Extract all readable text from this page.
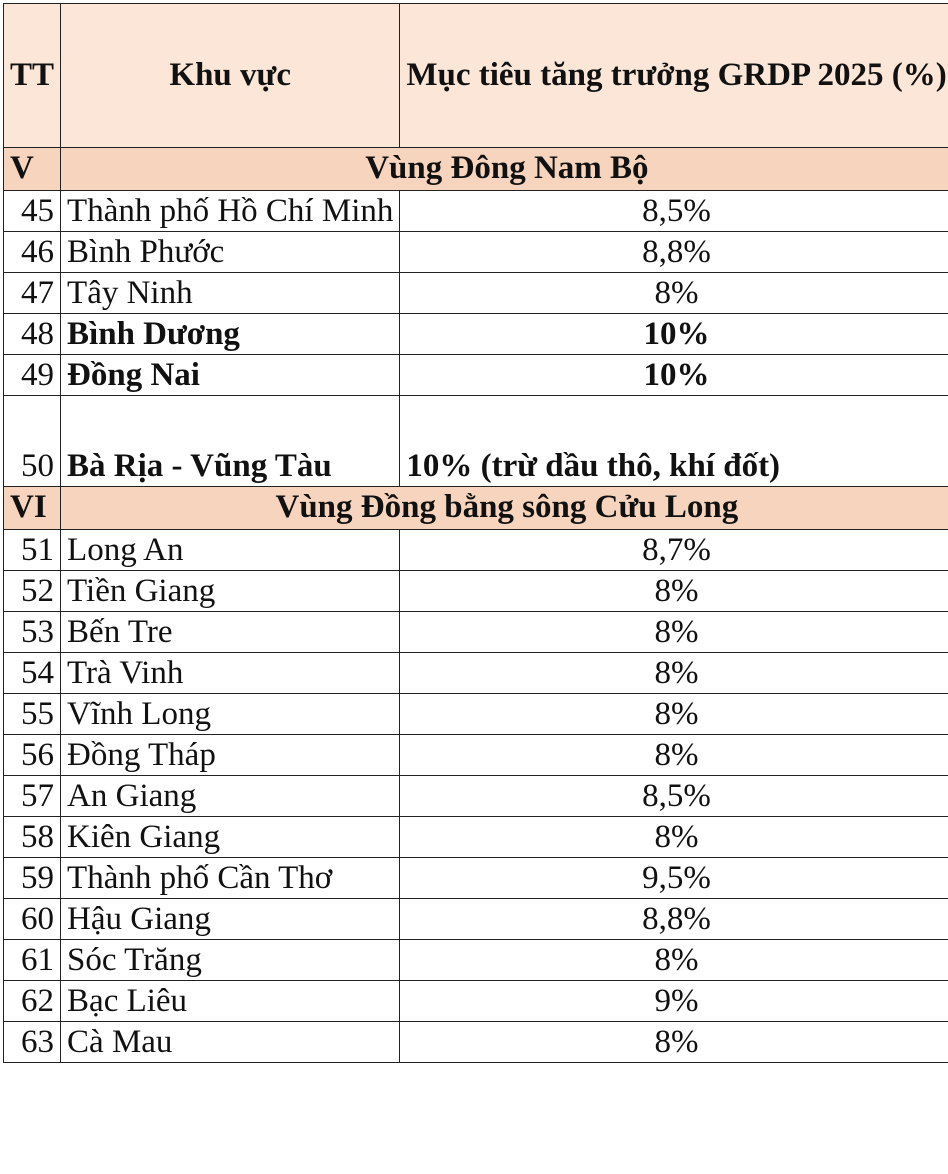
TT	Khu vực	Mục tiêu tăng trưởng GRDP 2025 (%)
V	Vùng Đông Nam Bộ	
45	Thành phố Hồ Chí Minh	8,5%
46	Bình Phước	8,8%
47	Tây Ninh	8%
48	Bình Dương	10%
49	Đồng Nai	10%
50	Bà Rịa - Vũng Tàu	10% (trừ dầu thô, khí đốt)
VI	Vùng Đồng bằng sông Cửu Long	
51	Long An	8,7%
52	Tiền Giang	8%
53	Bến Tre	8%
54	Trà Vinh	8%
55	Vĩnh Long	8%
56	Đồng Tháp	8%
57	An Giang	8,5%
58	Kiên Giang	8%
59	Thành phố Cần Thơ	9,5%
60	Hậu Giang	8,8%
61	Sóc Trăng	8%
62	Bạc Liêu	9%
63	Cà Mau	8%
